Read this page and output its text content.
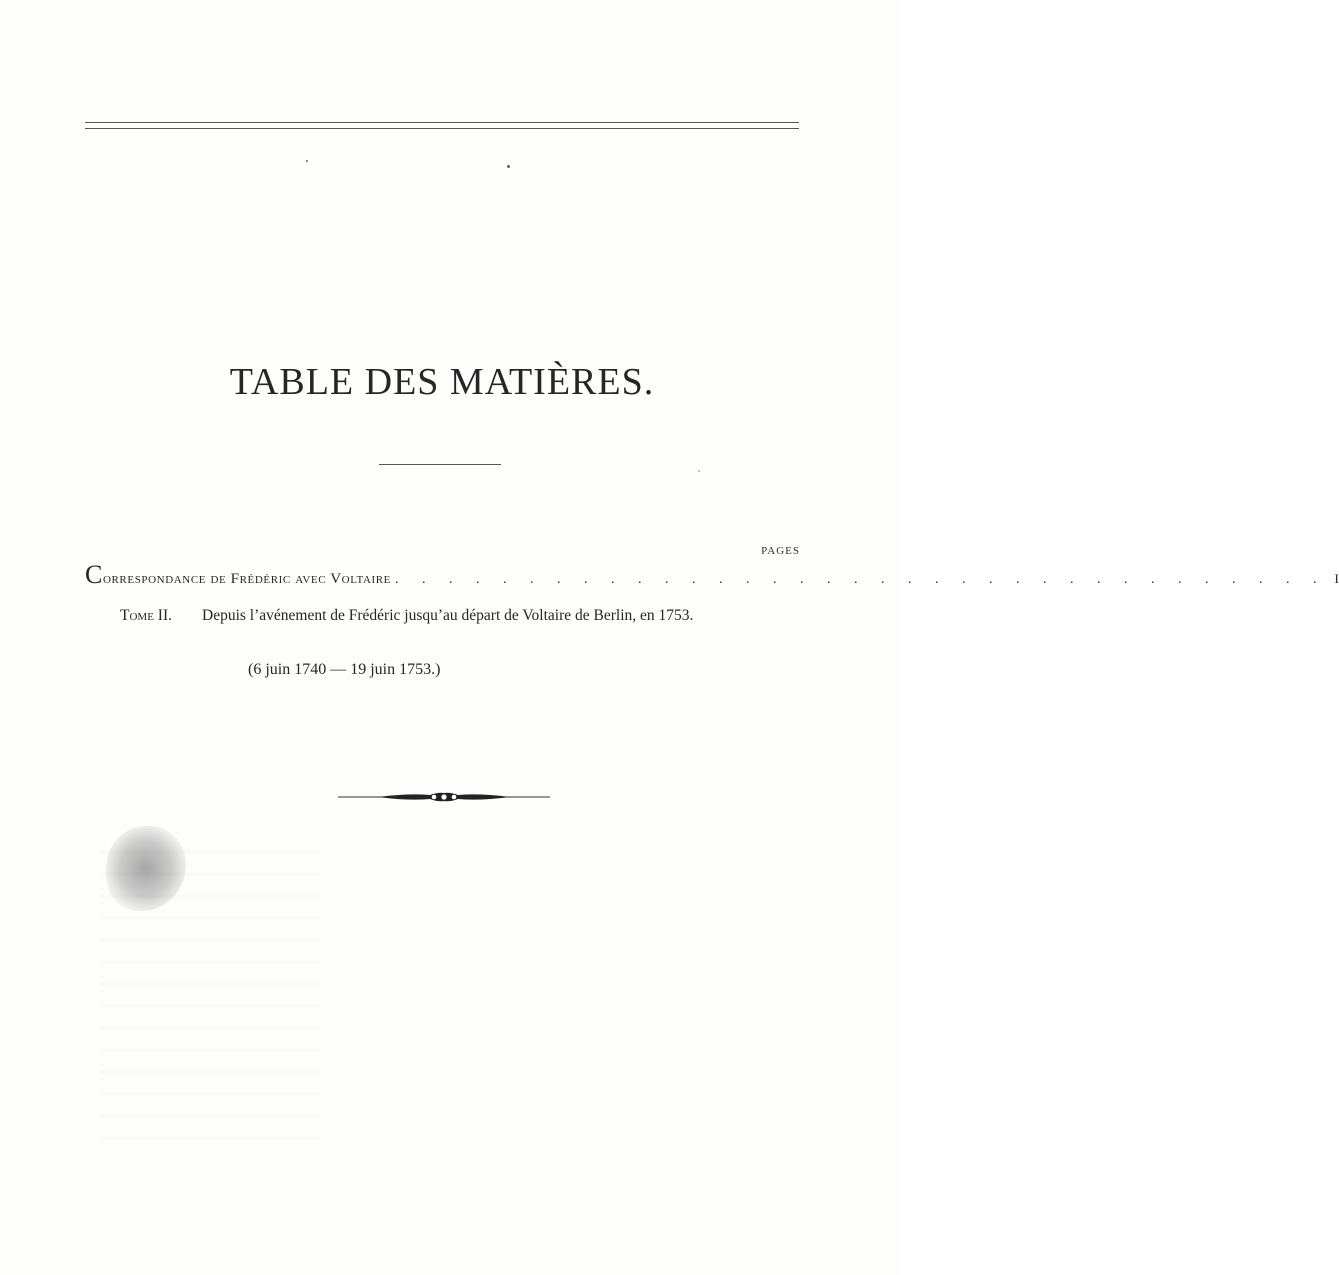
TABLE DES MATIÈRES.
PAGES
Correspondance de Frédéric avec Voltaire . . . . . . . . . . . . . . . . . . . . . . . . . . . . . . . . . . . I
Tome II. Depuis l’avénement de Frédéric jusqu’au départ de Voltaire de Berlin, en 1753.
(6 juin 1740 — 19 juin 1753.)
